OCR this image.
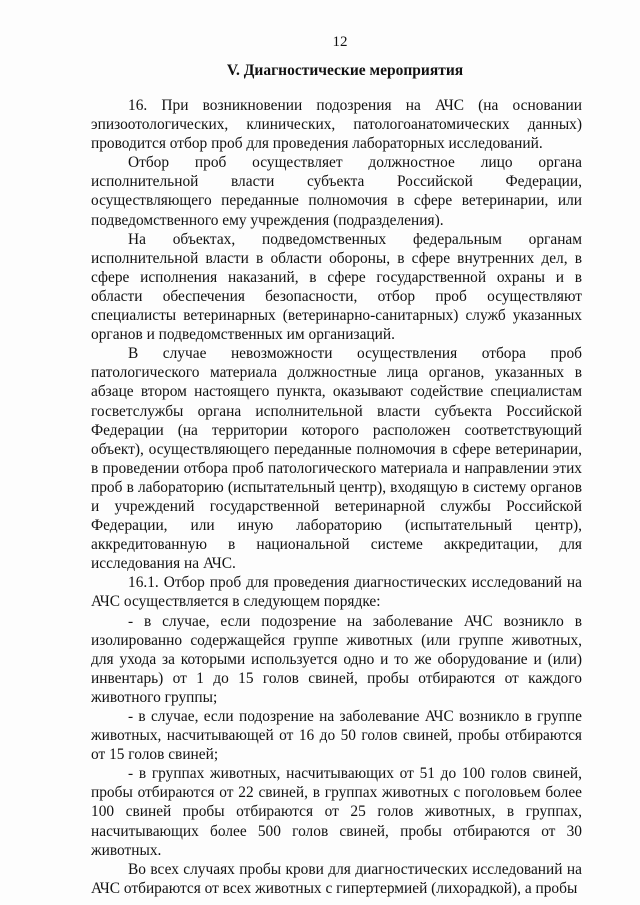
12
V. Диагностические мероприятия

16. При возникновении подозрения на АЧС (на основании эпизоотологических, клинических, патологоанатомических данных) проводится отбор проб для проведения лабораторных исследований.

Отбор проб осуществляет должностное лицо органа исполнительной власти субъекта Российской Федерации, осуществляющего переданные полномочия в сфере ветеринарии, или подведомственного ему учреждения (подразделения).

На объектах, подведомственных федеральным органам исполнительной власти в области обороны, в сфере внутренних дел, в сфере исполнения наказаний, в сфере государственной охраны и в области обеспечения безопасности, отбор проб осуществляют специалисты ветеринарных (ветеринарно-санитарных) служб указанных органов и подведомственных им организаций.

В случае невозможности осуществления отбора проб патологического материала должностные лица органов, указанных в абзаце втором настоящего пункта, оказывают содействие специалистам госветслужбы органа исполнительной власти субъекта Российской Федерации (на территории которого расположен соответствующий объект), осуществляющего переданные полномочия в сфере ветеринарии, в проведении отбора проб патологического материала и направлении этих проб в лабораторию (испытательный центр), входящую в систему органов и учреждений государственной ветеринарной службы Российской Федерации, или иную лабораторию (испытательный центр), аккредитованную в национальной системе аккредитации, для исследования на АЧС.

16.1. Отбор проб для проведения диагностических исследований на АЧС осуществляется в следующем порядке:

- в случае, если подозрение на заболевание АЧС возникло в изолированно содержащейся группе животных (или группе животных, для ухода за которыми используется одно и то же оборудование и (или) инвентарь) от 1 до 15 голов свиней, пробы отбираются от каждого животного группы;

- в случае, если подозрение на заболевание АЧС возникло в группе животных, насчитывающей от 16 до 50 голов свиней, пробы отбираются от 15 голов свиней;

- в группах животных, насчитывающих от 51 до 100 голов свиней, пробы отбираются от 22 свиней, в группах животных с поголовьем более 100 свиней пробы отбираются от 25 голов животных, в группах, насчитывающих более 500 голов свиней, пробы отбираются от 30 животных.

Во всех случаях пробы крови для диагностических исследований на АЧС отбираются от всех животных с гипертермией (лихорадкой), а пробы
